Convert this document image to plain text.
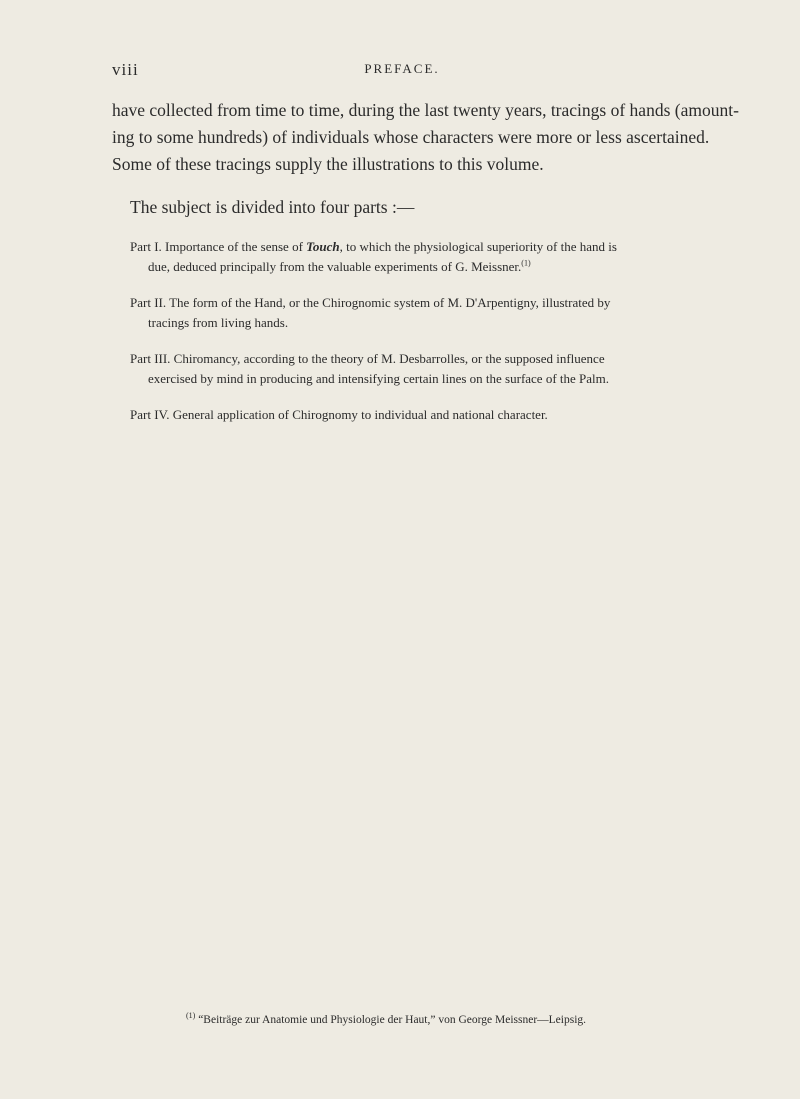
viii	PREFACE.

have collected from time to time, during the last twenty years, tracings of hands (amount-
ing to some hundreds) of individuals whose characters were more or less ascertained.
Some of these tracings supply the illustrations to this volume.

The subject is divided into four parts :—

Part I. Importance of the sense of Touch, to which the physiological superiority of the hand is
due, deduced principally from the valuable experiments of G. Meissner.$^{(1)}$
Part II. The form of the Hand, or the Chirognomic system of M. D'Arpentigny, illustrated by
tracings from living hands.
Part III. Chiromancy, according to the theory of M. Desbarrolles, or the supposed influence
exercised by mind in producing and intensifying certain lines on the surface of the Palm.
Part IV. General application of Chirognomy to individual and national character.

$^{(1)}$ “Beiträge zur Anatomie und Physiologie der Haut,” von George Meissner—Leipsig.
